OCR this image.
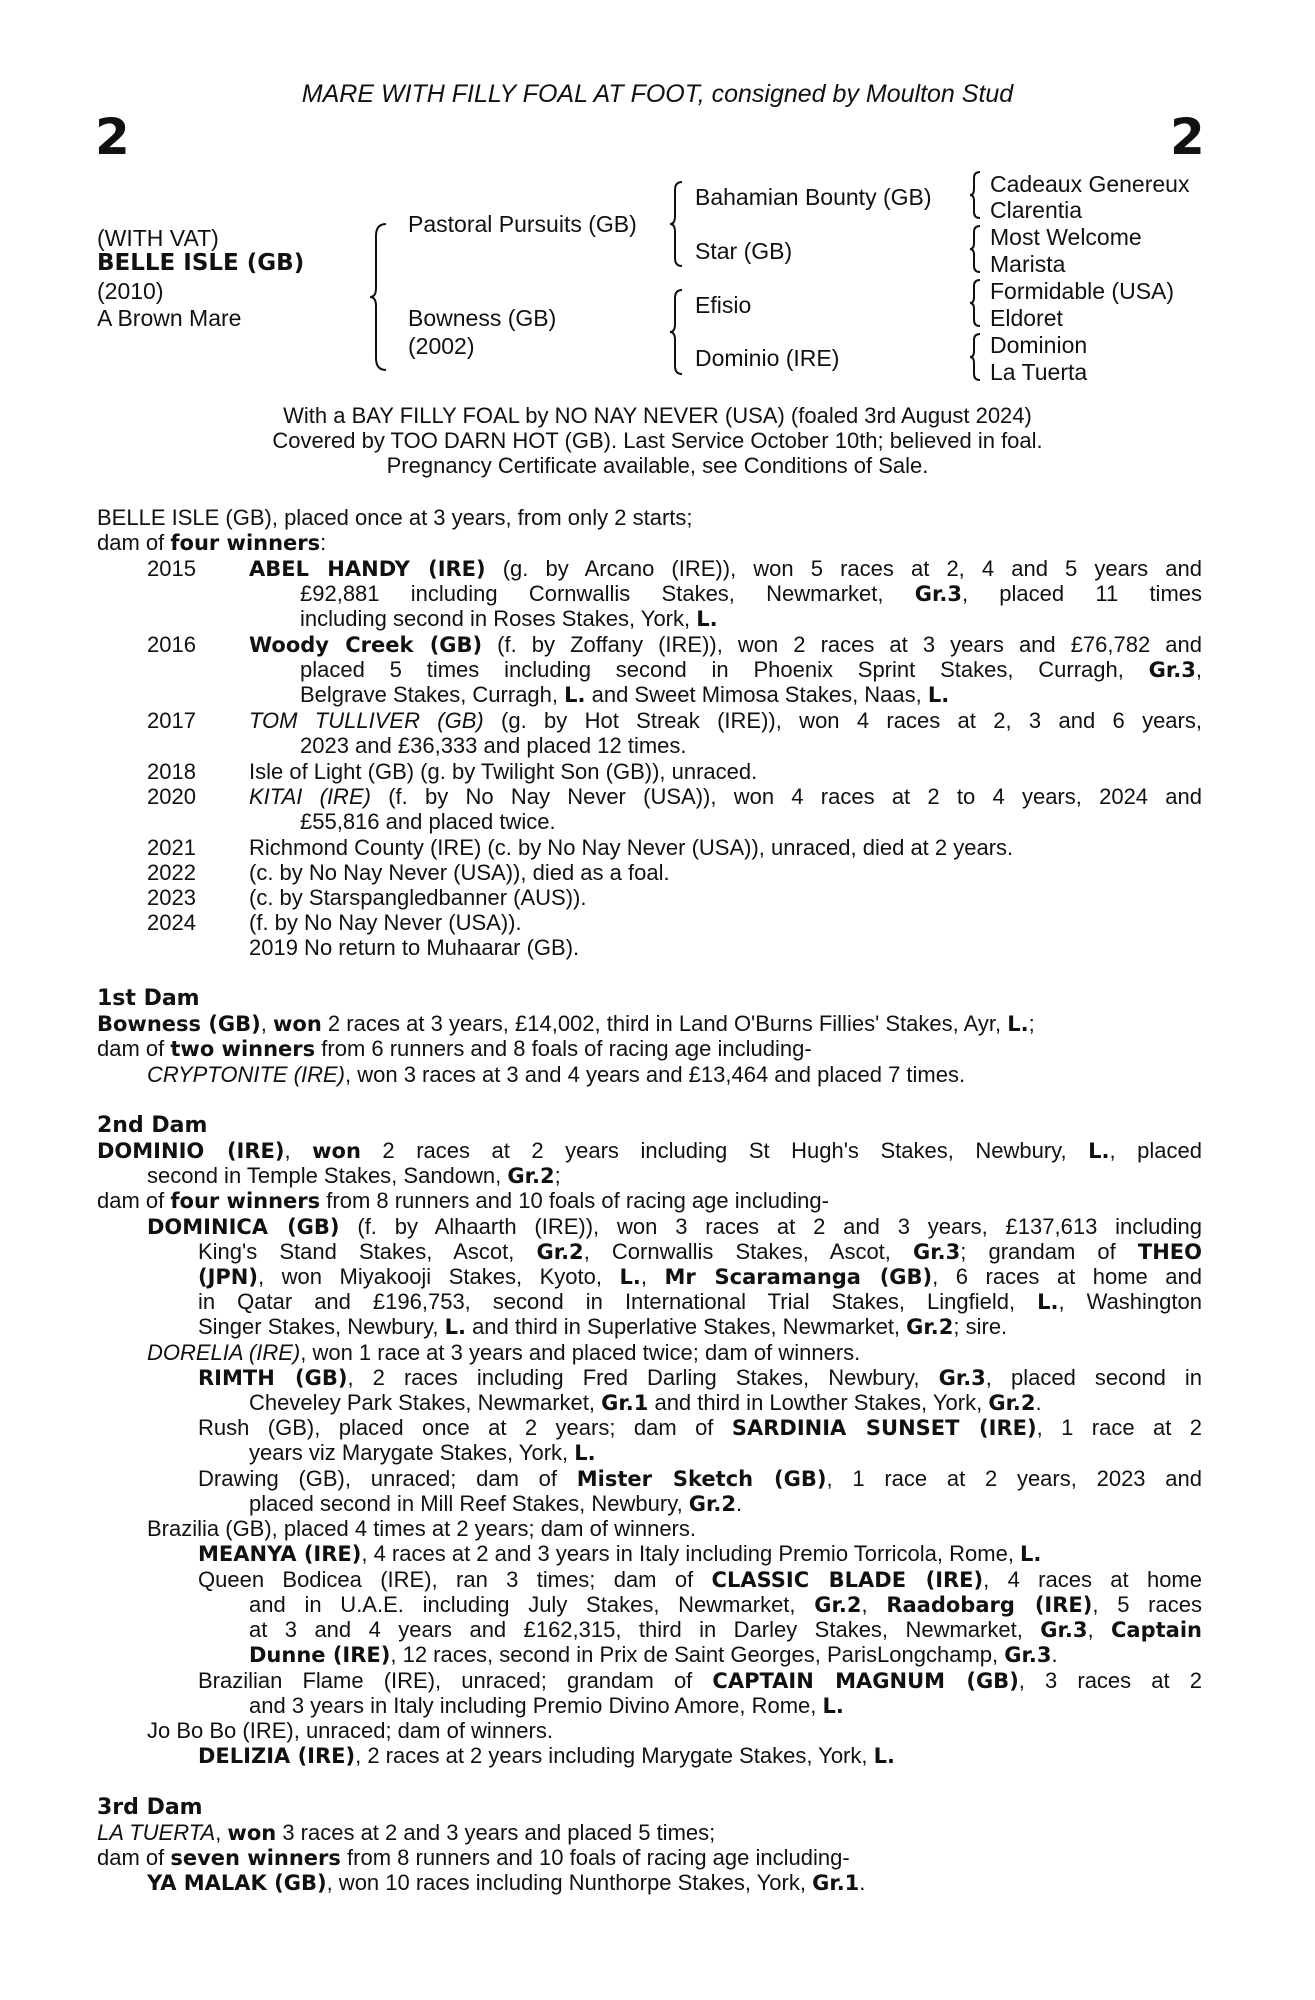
MARE WITH FILLY FOAL AT FOOT, consigned by Moulton Stud
2	2
(WITH VAT)
BELLE ISLE (GB)
(2010)
A Brown Mare
Pastoral Pursuits (GB)
Bowness (GB)
(2002)
Bahamian Bounty (GB)
Star (GB)
Efisio
Dominio (IRE)
Cadeaux Genereux
Clarentia
Most Welcome
Marista
Formidable (USA)
Eldoret
Dominion
La Tuerta
With a BAY FILLY FOAL by NO NAY NEVER (USA) (foaled 3rd August 2024)
Covered by TOO DARN HOT (GB). Last Service October 10th; believed in foal.
Pregnancy Certificate available, see Conditions of Sale.
BELLE ISLE (GB), placed once at 3 years, from only 2 starts;
dam of four winners:
2015	ABEL HANDY (IRE) (g. by Arcano (IRE)), won 5 races at 2, 4 and 5 years and
£92,881 including Cornwallis Stakes, Newmarket, Gr.3, placed 11 times
including second in Roses Stakes, York, L.
2016	Woody Creek (GB) (f. by Zoffany (IRE)), won 2 races at 3 years and £76,782 and
placed 5 times including second in Phoenix Sprint Stakes, Curragh, Gr.3,
Belgrave Stakes, Curragh, L. and Sweet Mimosa Stakes, Naas, L.
2017 TOM TULLIVER (GB) (g. by Hot Streak (IRE)), won 4 races at 2, 3 and 6 years,
2023 and £36,333 and placed 12 times.
2018 Isle of Light (GB) (g. by Twilight Son (GB)), unraced.
2020 KITAI (IRE) (f. by No Nay Never (USA)), won 4 races at 2 to 4 years, 2024 and
£55,816 and placed twice.
2021 Richmond County (IRE) (c. by No Nay Never (USA)), unraced, died at 2 years.
2022 (c. by No Nay Never (USA)), died as a foal.
2023 (c. by Starspangledbanner (AUS)).
2024 (f. by No Nay Never (USA)).
2019 No return to Muhaarar (GB).
1st Dam
Bowness (GB), won 2 races at 3 years, £14,002, third in Land O'Burns Fillies' Stakes, Ayr, L.;
dam of two winners from 6 runners and 8 foals of racing age including-
CRYPTONITE (IRE), won 3 races at 3 and 4 years and £13,464 and placed 7 times.
2nd Dam
DOMINIO (IRE), won 2 races at 2 years including St Hugh's Stakes, Newbury, L., placed
second in Temple Stakes, Sandown, Gr.2;
dam of four winners from 8 runners and 10 foals of racing age including-
DOMINICA (GB) (f. by Alhaarth (IRE)), won 3 races at 2 and 3 years, £137,613 including
King's Stand Stakes, Ascot, Gr.2, Cornwallis Stakes, Ascot, Gr.3; grandam of THEO
(JPN), won Miyakooji Stakes, Kyoto, L., Mr Scaramanga (GB), 6 races at home and
in Qatar and £196,753, second in International Trial Stakes, Lingfield, L., Washington
Singer Stakes, Newbury, L. and third in Superlative Stakes, Newmarket, Gr.2; sire.
DORELIA (IRE), won 1 race at 3 years and placed twice; dam of winners.
RIMTH (GB), 2 races including Fred Darling Stakes, Newbury, Gr.3, placed second in
Cheveley Park Stakes, Newmarket, Gr.1 and third in Lowther Stakes, York, Gr.2.
Rush (GB), placed once at 2 years; dam of SARDINIA SUNSET (IRE), 1 race at 2
years viz Marygate Stakes, York, L.
Drawing (GB), unraced; dam of Mister Sketch (GB), 1 race at 2 years, 2023 and
placed second in Mill Reef Stakes, Newbury, Gr.2.
Brazilia (GB), placed 4 times at 2 years; dam of winners.
MEANYA (IRE), 4 races at 2 and 3 years in Italy including Premio Torricola, Rome, L.
Queen Bodicea (IRE), ran 3 times; dam of CLASSIC BLADE (IRE), 4 races at home
and in U.A.E. including July Stakes, Newmarket, Gr.2, Raadobarg (IRE), 5 races
at 3 and 4 years and £162,315, third in Darley Stakes, Newmarket, Gr.3, Captain
Dunne (IRE), 12 races, second in Prix de Saint Georges, ParisLongchamp, Gr.3.
Brazilian Flame (IRE), unraced; grandam of CAPTAIN MAGNUM (GB), 3 races at 2
and 3 years in Italy including Premio Divino Amore, Rome, L.
Jo Bo Bo (IRE), unraced; dam of winners.
DELIZIA (IRE), 2 races at 2 years including Marygate Stakes, York, L.
3rd Dam
LA TUERTA, won 3 races at 2 and 3 years and placed 5 times;
dam of seven winners from 8 runners and 10 foals of racing age including-
YA MALAK (GB), won 10 races including Nunthorpe Stakes, York, Gr.1.
